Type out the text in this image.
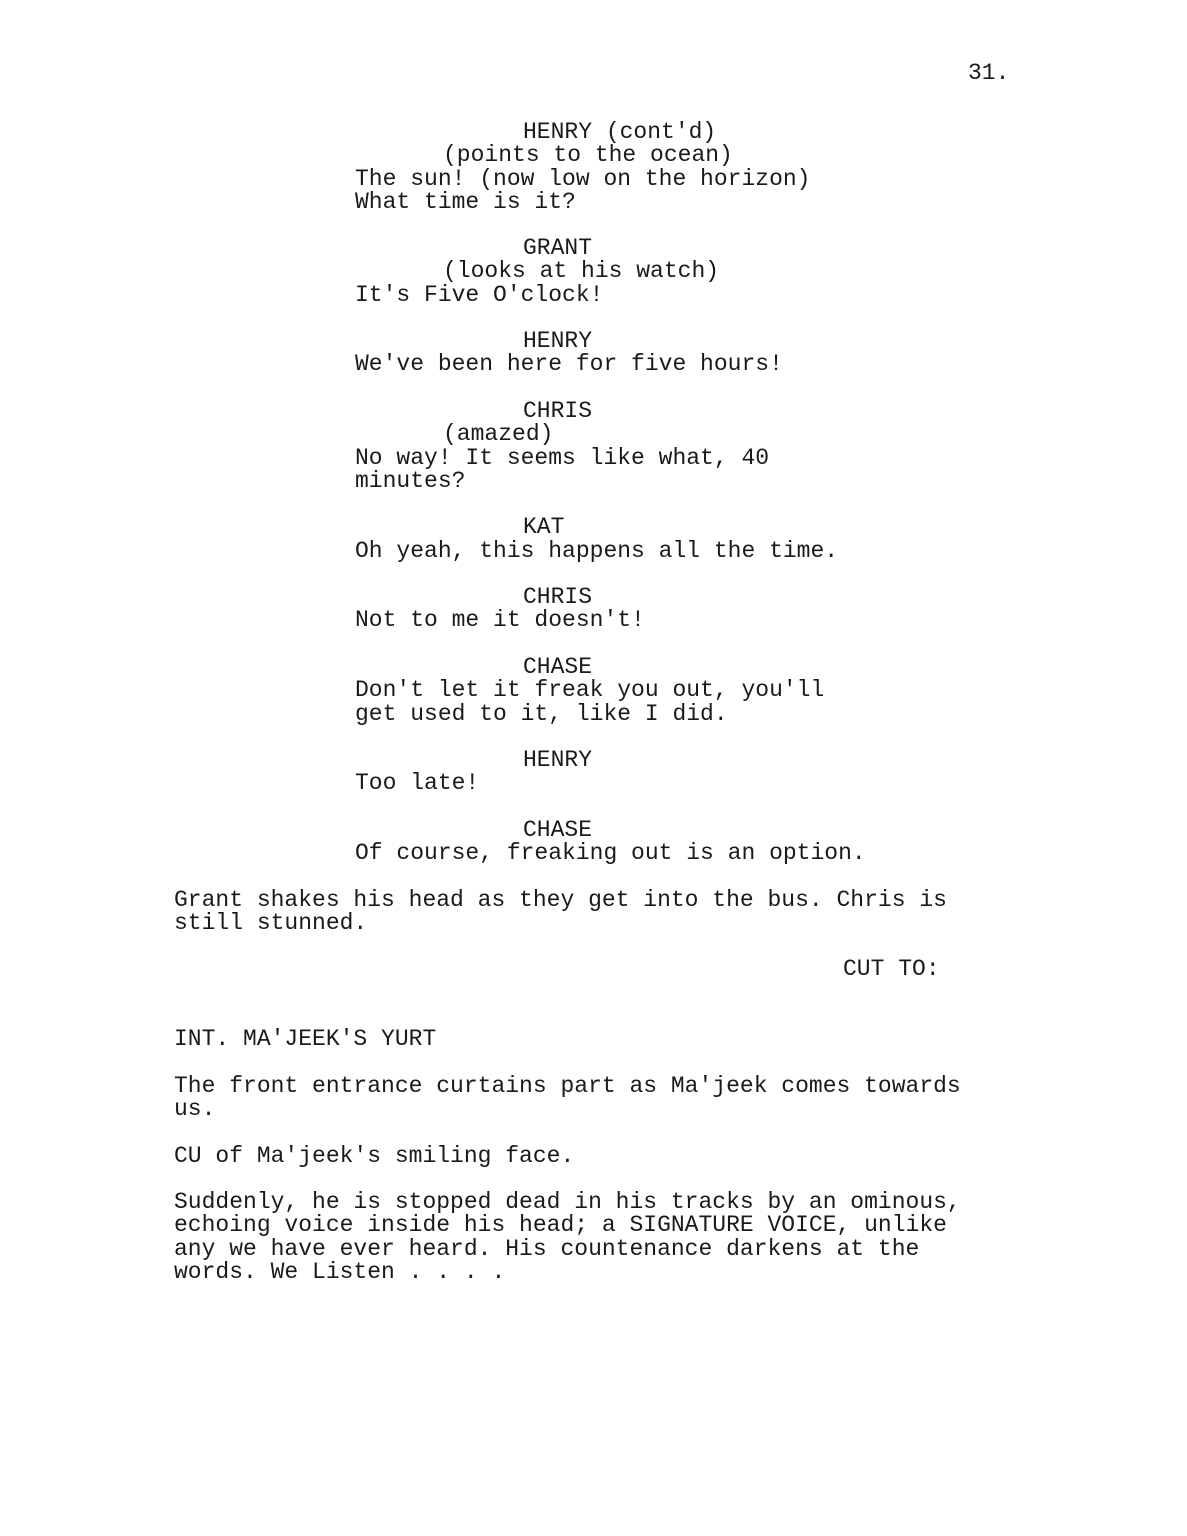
31.
HENRY (cont'd)
(points to the ocean)
The sun! (now low on the horizon)
What time is it?
GRANT
(looks at his watch)
It's Five O'clock!
HENRY
We've been here for five hours!
CHRIS
(amazed)
No way! It seems like what, 40
minutes?
KAT
Oh yeah, this happens all the time.
CHRIS
Not to me it doesn't!
CHASE
Don't let it freak you out, you'll
get used to it, like I did.
HENRY
Too late!
CHASE
Of course, freaking out is an option.
Grant shakes his head as they get into the bus. Chris is
still stunned.
CUT TO:
INT. MA'JEEK'S YURT
The front entrance curtains part as Ma'jeek comes towards
us.
CU of Ma'jeek's smiling face.
Suddenly, he is stopped dead in his tracks by an ominous,
echoing voice inside his head; a SIGNATURE VOICE, unlike
any we have ever heard. His countenance darkens at the
words. We Listen . . . .
